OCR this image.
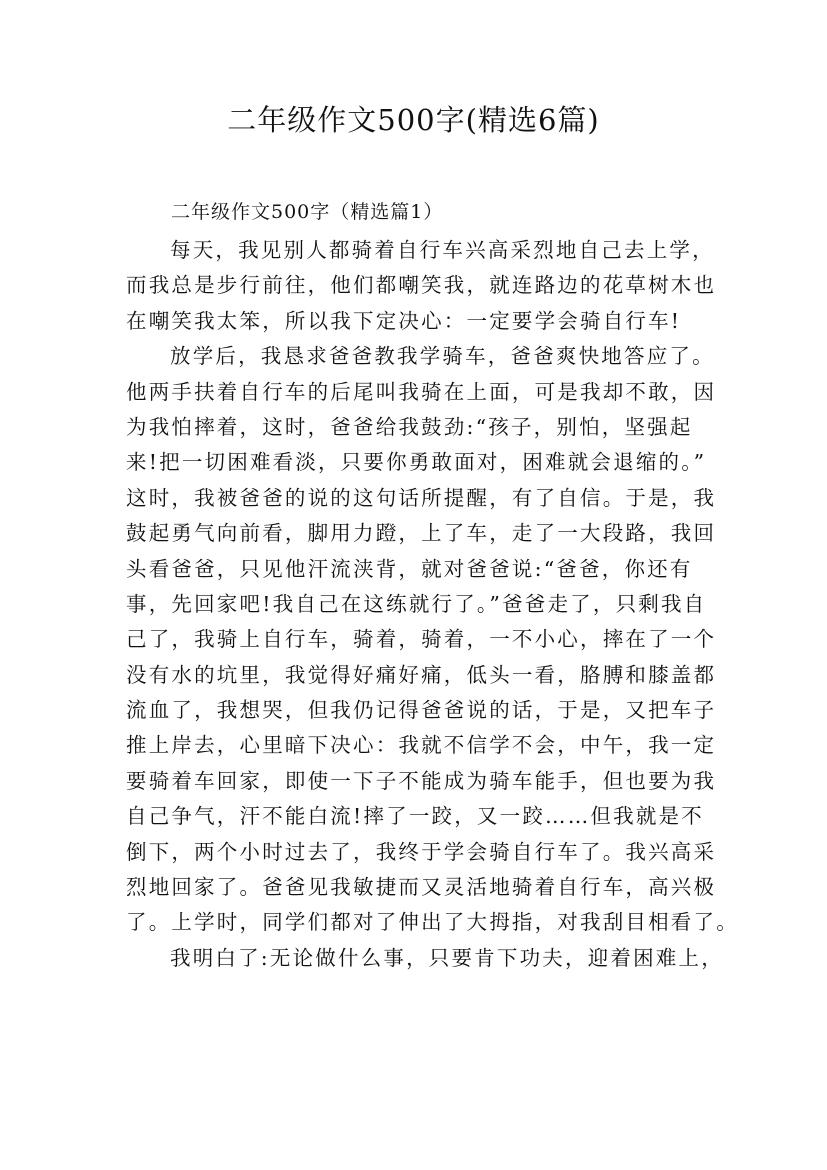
二年级作文500字(精选6篇)
二年级作文500字（精选篇1）
每天，我见别人都骑着自行车兴高采烈地自己去上学，
而我总是步行前往，他们都嘲笑我，就连路边的花草树木也
在嘲笑我太笨，所以我下定决心：一定要学会骑自行车!
放学后，我恳求爸爸教我学骑车，爸爸爽快地答应了。
他两手扶着自行车的后尾叫我骑在上面，可是我却不敢，因
为我怕摔着，这时，爸爸给我鼓劲:“孩子，别怕，坚强起
来!把一切困难看淡，只要你勇敢面对，困难就会退缩的。”
这时，我被爸爸的说的这句话所提醒，有了自信。于是，我
鼓起勇气向前看，脚用力蹬，上了车，走了一大段路，我回
头看爸爸，只见他汗流浃背，就对爸爸说:“爸爸，你还有
事，先回家吧!我自己在这练就行了。”爸爸走了，只剩我自
己了，我骑上自行车，骑着，骑着，一不小心，摔在了一个
没有水的坑里，我觉得好痛好痛，低头一看，胳膊和膝盖都
流血了，我想哭，但我仍记得爸爸说的话，于是，又把车子
推上岸去，心里暗下决心：我就不信学不会，中午，我一定
要骑着车回家，即使一下子不能成为骑车能手，但也要为我
自己争气，汗不能白流!摔了一跤，又一跤……但我就是不
倒下，两个小时过去了，我终于学会骑自行车了。我兴高采
烈地回家了。爸爸见我敏捷而又灵活地骑着自行车，高兴极
了。上学时，同学们都对了伸出了大拇指，对我刮目相看了。
我明白了:无论做什么事，只要肯下功夫，迎着困难上，
